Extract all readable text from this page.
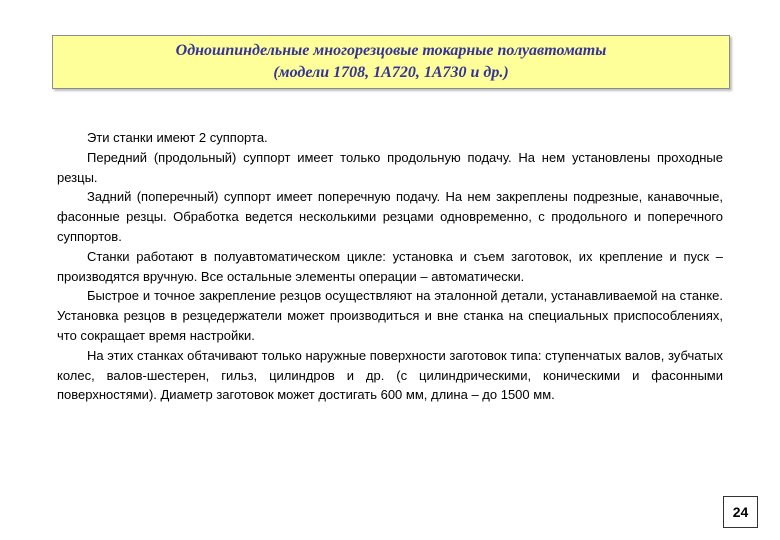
Одношпиндельные многорезцовые токарные полуавтоматы
(модели 1708, 1А720, 1А730 и др.)

Эти станки имеют 2 суппорта.

Передний (продольный) суппорт имеет только продольную подачу. На нем установлены проходные резцы.

Задний (поперечный) суппорт имеет поперечную подачу. На нем закреплены подрезные, канавочные, фасонные резцы. Обработка ведется несколькими резцами одновременно, с продольного и поперечного суппортов.

Станки работают в полуавтоматическом цикле: установка и съем заготовок, их крепление и пуск – производятся вручную. Все остальные элементы операции – автоматически.

Быстрое и точное закрепление резцов осуществляют на эталонной детали, устанавливаемой на станке. Установка резцов в резцедержатели может производиться и вне станка на специальных приспособлениях, что сокращает время настройки.

На этих станках обтачивают только наружные поверхности заготовок типа: ступенчатых валов, зубчатых колес, валов-шестерен, гильз, цилиндров и др. (с цилиндрическими, коническими и фасонными поверхностями). Диаметр заготовок может достигать 600 мм, длина – до 1500 мм.

24
